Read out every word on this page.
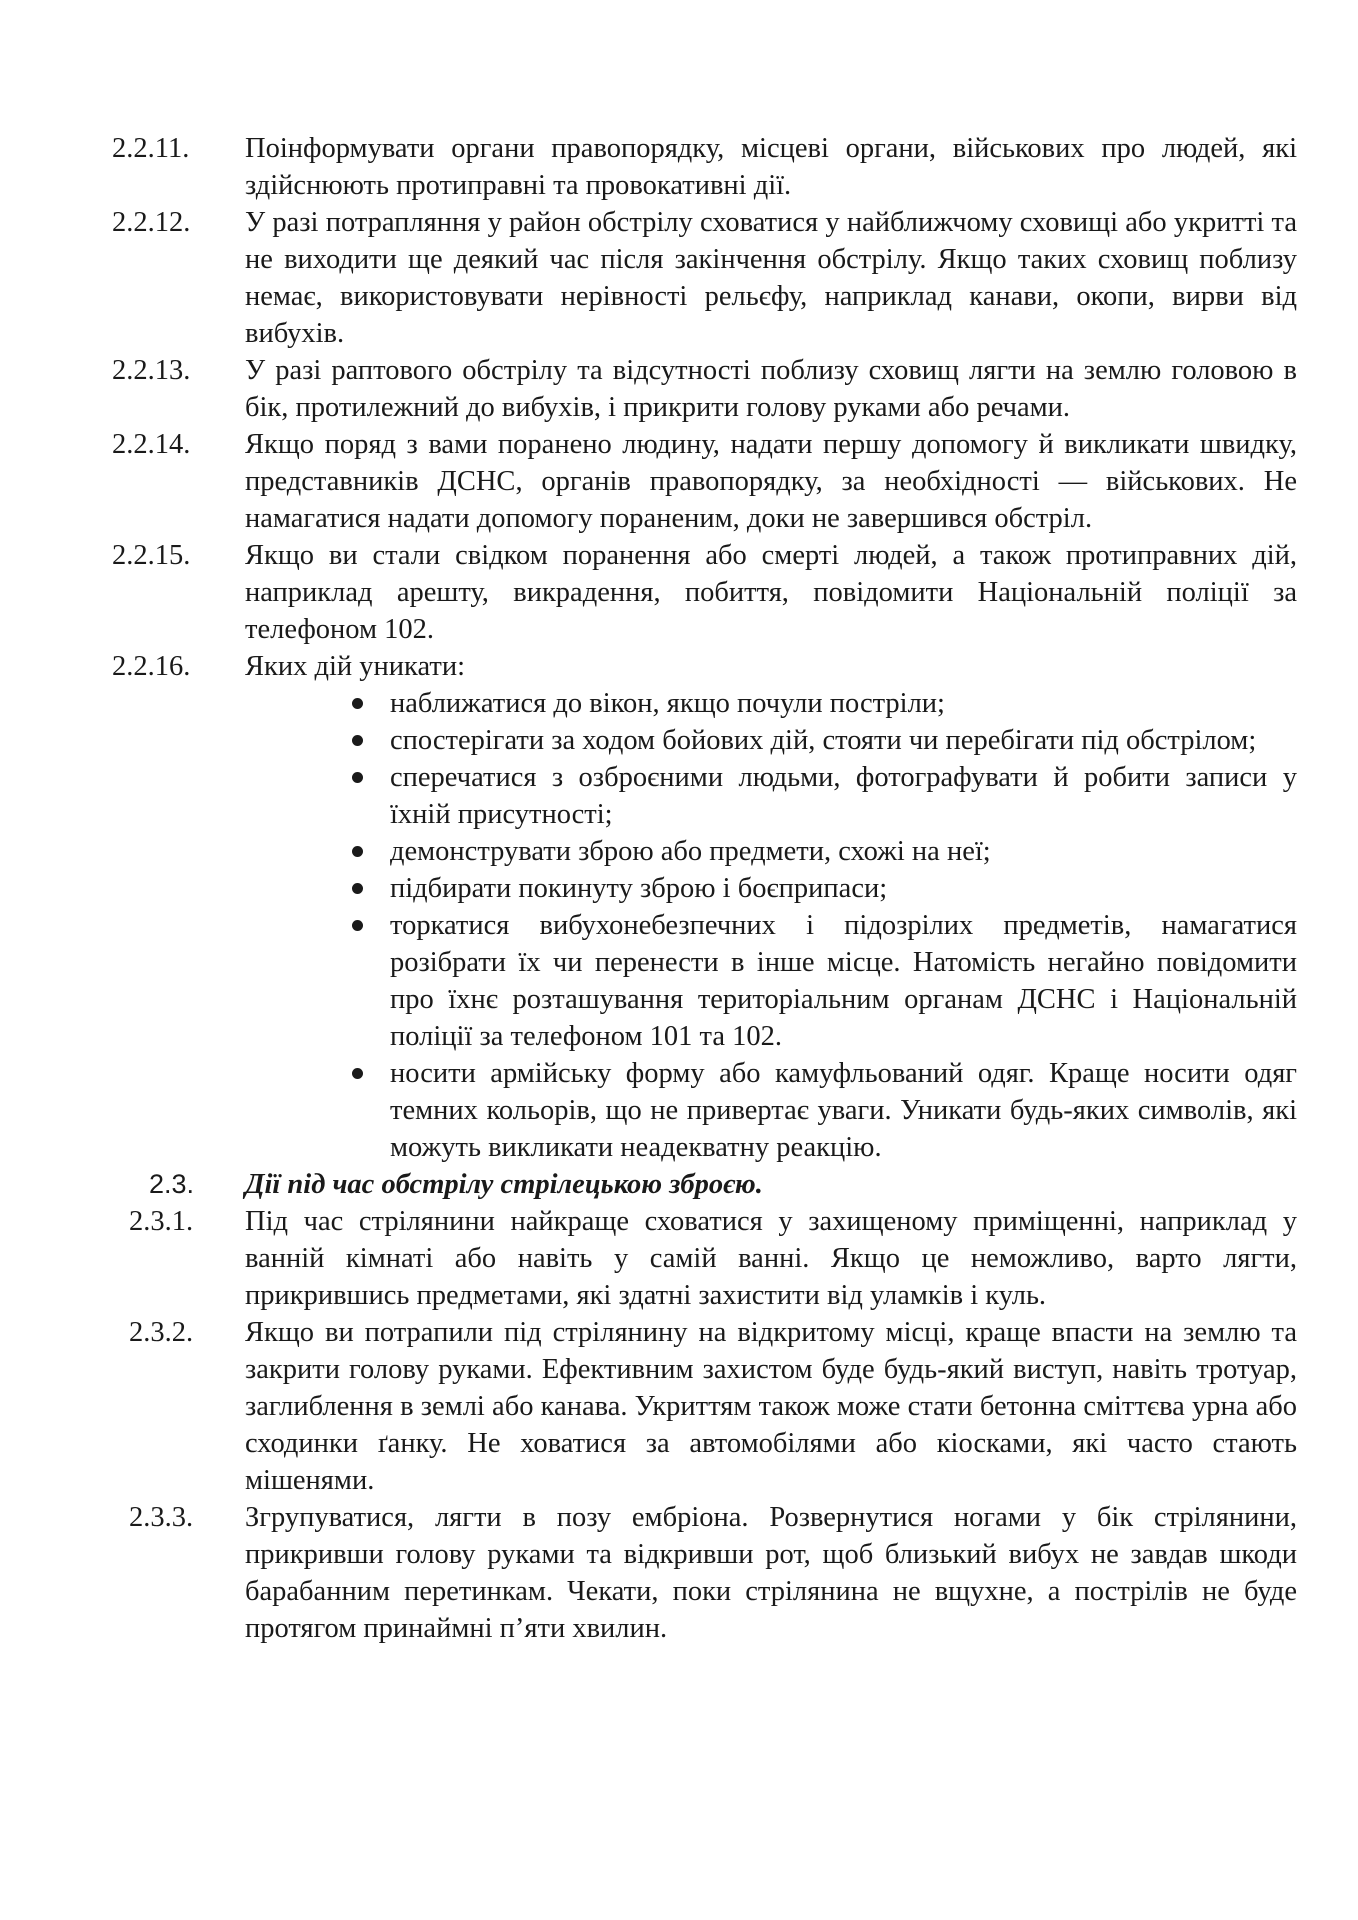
2.2.11. Поінформувати органи правопорядку, місцеві органи, військових про людей, які здійснюють протиправні та провокативні дії.
2.2.12. У разі потрапляння у район обстрілу сховатися у найближчому сховищі або укритті та не виходити ще деякий час після закінчення обстрілу. Якщо таких сховищ поблизу немає, використовувати нерівності рельєфу, наприклад канави, окопи, вирви від вибухів.
2.2.13. У разі раптового обстрілу та відсутності поблизу сховищ лягти на землю головою в бік, протилежний до вибухів, і прикрити голову руками або речами.
2.2.14. Якщо поряд з вами поранено людину, надати першу допомогу й викликати швидку, представників ДСНС, органів правопорядку, за необхідності — військових. Не намагатися надати допомогу пораненим, доки не завершився обстріл.
2.2.15. Якщо ви стали свідком поранення або смерті людей, а також протиправних дій, наприклад арешту, викрадення, побиття, повідомити Національній поліції за телефоном 102.
2.2.16. Яких дій уникати:
наближатися до вікон, якщо почули постріли;
спостерігати за ходом бойових дій, стояти чи перебігати під обстрілом;
сперечатися з озброєними людьми, фотографувати й робити записи у їхній присутності;
демонструвати зброю або предмети, схожі на неї;
підбирати покинуту зброю і боєприпаси;
торкатися вибухонебезпечних і підозрілих предметів, намагатися розібрати їх чи перенести в інше місце. Натомість негайно повідомити про їхнє розташування територіальним органам ДСНС і Національній поліції за телефоном 101 та 102.
носити армійську форму або камуфльований одяг. Краще носити одяг темних кольорів, що не привертає уваги. Уникати будь-яких символів, які можуть викликати неадекватну реакцію.
2.3. Дії під час обстрілу стрілецькою зброєю.
2.3.1. Під час стрілянини найкраще сховатися у захищеному приміщенні, наприклад у ванній кімнаті або навіть у самій ванні. Якщо це неможливо, варто лягти, прикрившись предметами, які здатні захистити від уламків і куль.
2.3.2. Якщо ви потрапили під стрілянину на відкритому місці, краще впасти на землю та закрити голову руками. Ефективним захистом буде будь-який виступ, навіть тротуар, заглиблення в землі або канава. Укриттям також може стати бетонна сміттєва урна або сходинки ґанку. Не ховатися за автомобілями або кіосками, які часто стають мішенями.
2.3.3. Згрупуватися, лягти в позу ембріона. Розвернутися ногами у бік стрілянини, прикривши голову руками та відкривши рот, щоб близький вибух не завдав шкоди барабанним перетинкам. Чекати, поки стрілянина не вщухне, а пострілів не буде протягом принаймні п’яти хвилин.
